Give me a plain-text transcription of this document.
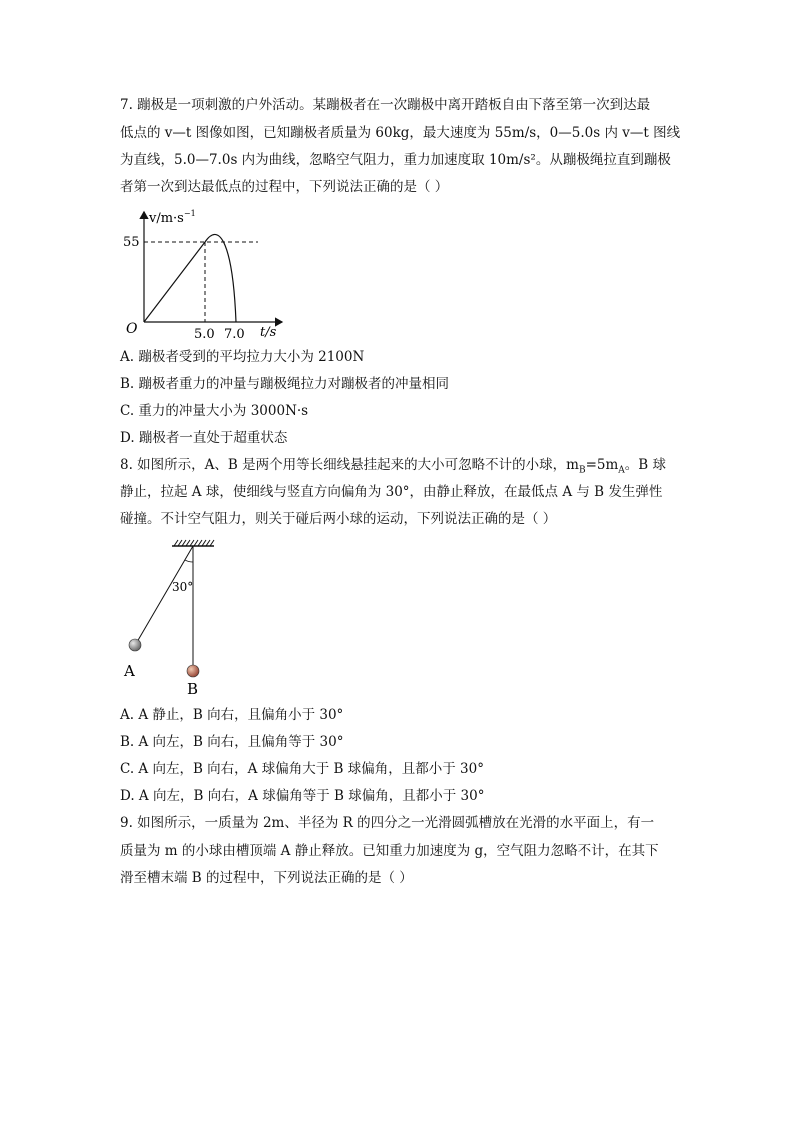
7. 蹦极是一项刺激的户外活动。某蹦极者在一次蹦极中离开踏板自由下落至第一次到达最
低点的 v—t 图像如图，已知蹦极者质量为 60kg，最大速度为 55m/s，0—5.0s 内 v—t 图线
为直线，5.0—7.0s 内为曲线，忽略空气阻力，重力加速度取 10m/s²。从蹦极绳拉直到蹦极
者第一次到达最低点的过程中，下列说法正确的是（ ）
$v/m\cdot s^{-1}$
55
O	5.0 7.0 t/s
A. 蹦极者受到的平均拉力大小为 2100N
B. 蹦极者重力的冲量与蹦极绳拉力对蹦极者的冲量相同
C. 重力的冲量大小为 3000N·s
D. 蹦极者一直处于超重状态
8. 如图所示，A、B 是两个用等长细线悬挂起来的大小可忽略不计的小球，$m_B=5m_A$。B 球
静止，拉起 A 球，使细线与竖直方向偏角为 30°，由静止释放，在最低点 A 与 B 发生弹性
碰撞。不计空气阻力，则关于碰后两小球的运动，下列说法正确的是（ ）
30°
A
B
A. A 静止，B 向右，且偏角小于 30°
B. A 向左，B 向右，且偏角等于 30°
C. A 向左，B 向右，A 球偏角大于 B 球偏角，且都小于 30°
D. A 向左，B 向右，A 球偏角等于 B 球偏角，且都小于 30°
9. 如图所示，一质量为 2m、半径为 R 的四分之一光滑圆弧槽放在光滑的水平面上，有一
质量为 m 的小球由槽顶端 A 静止释放。已知重力加速度为 g，空气阻力忽略不计，在其下
滑至槽末端 B 的过程中，下列说法正确的是（ ）
